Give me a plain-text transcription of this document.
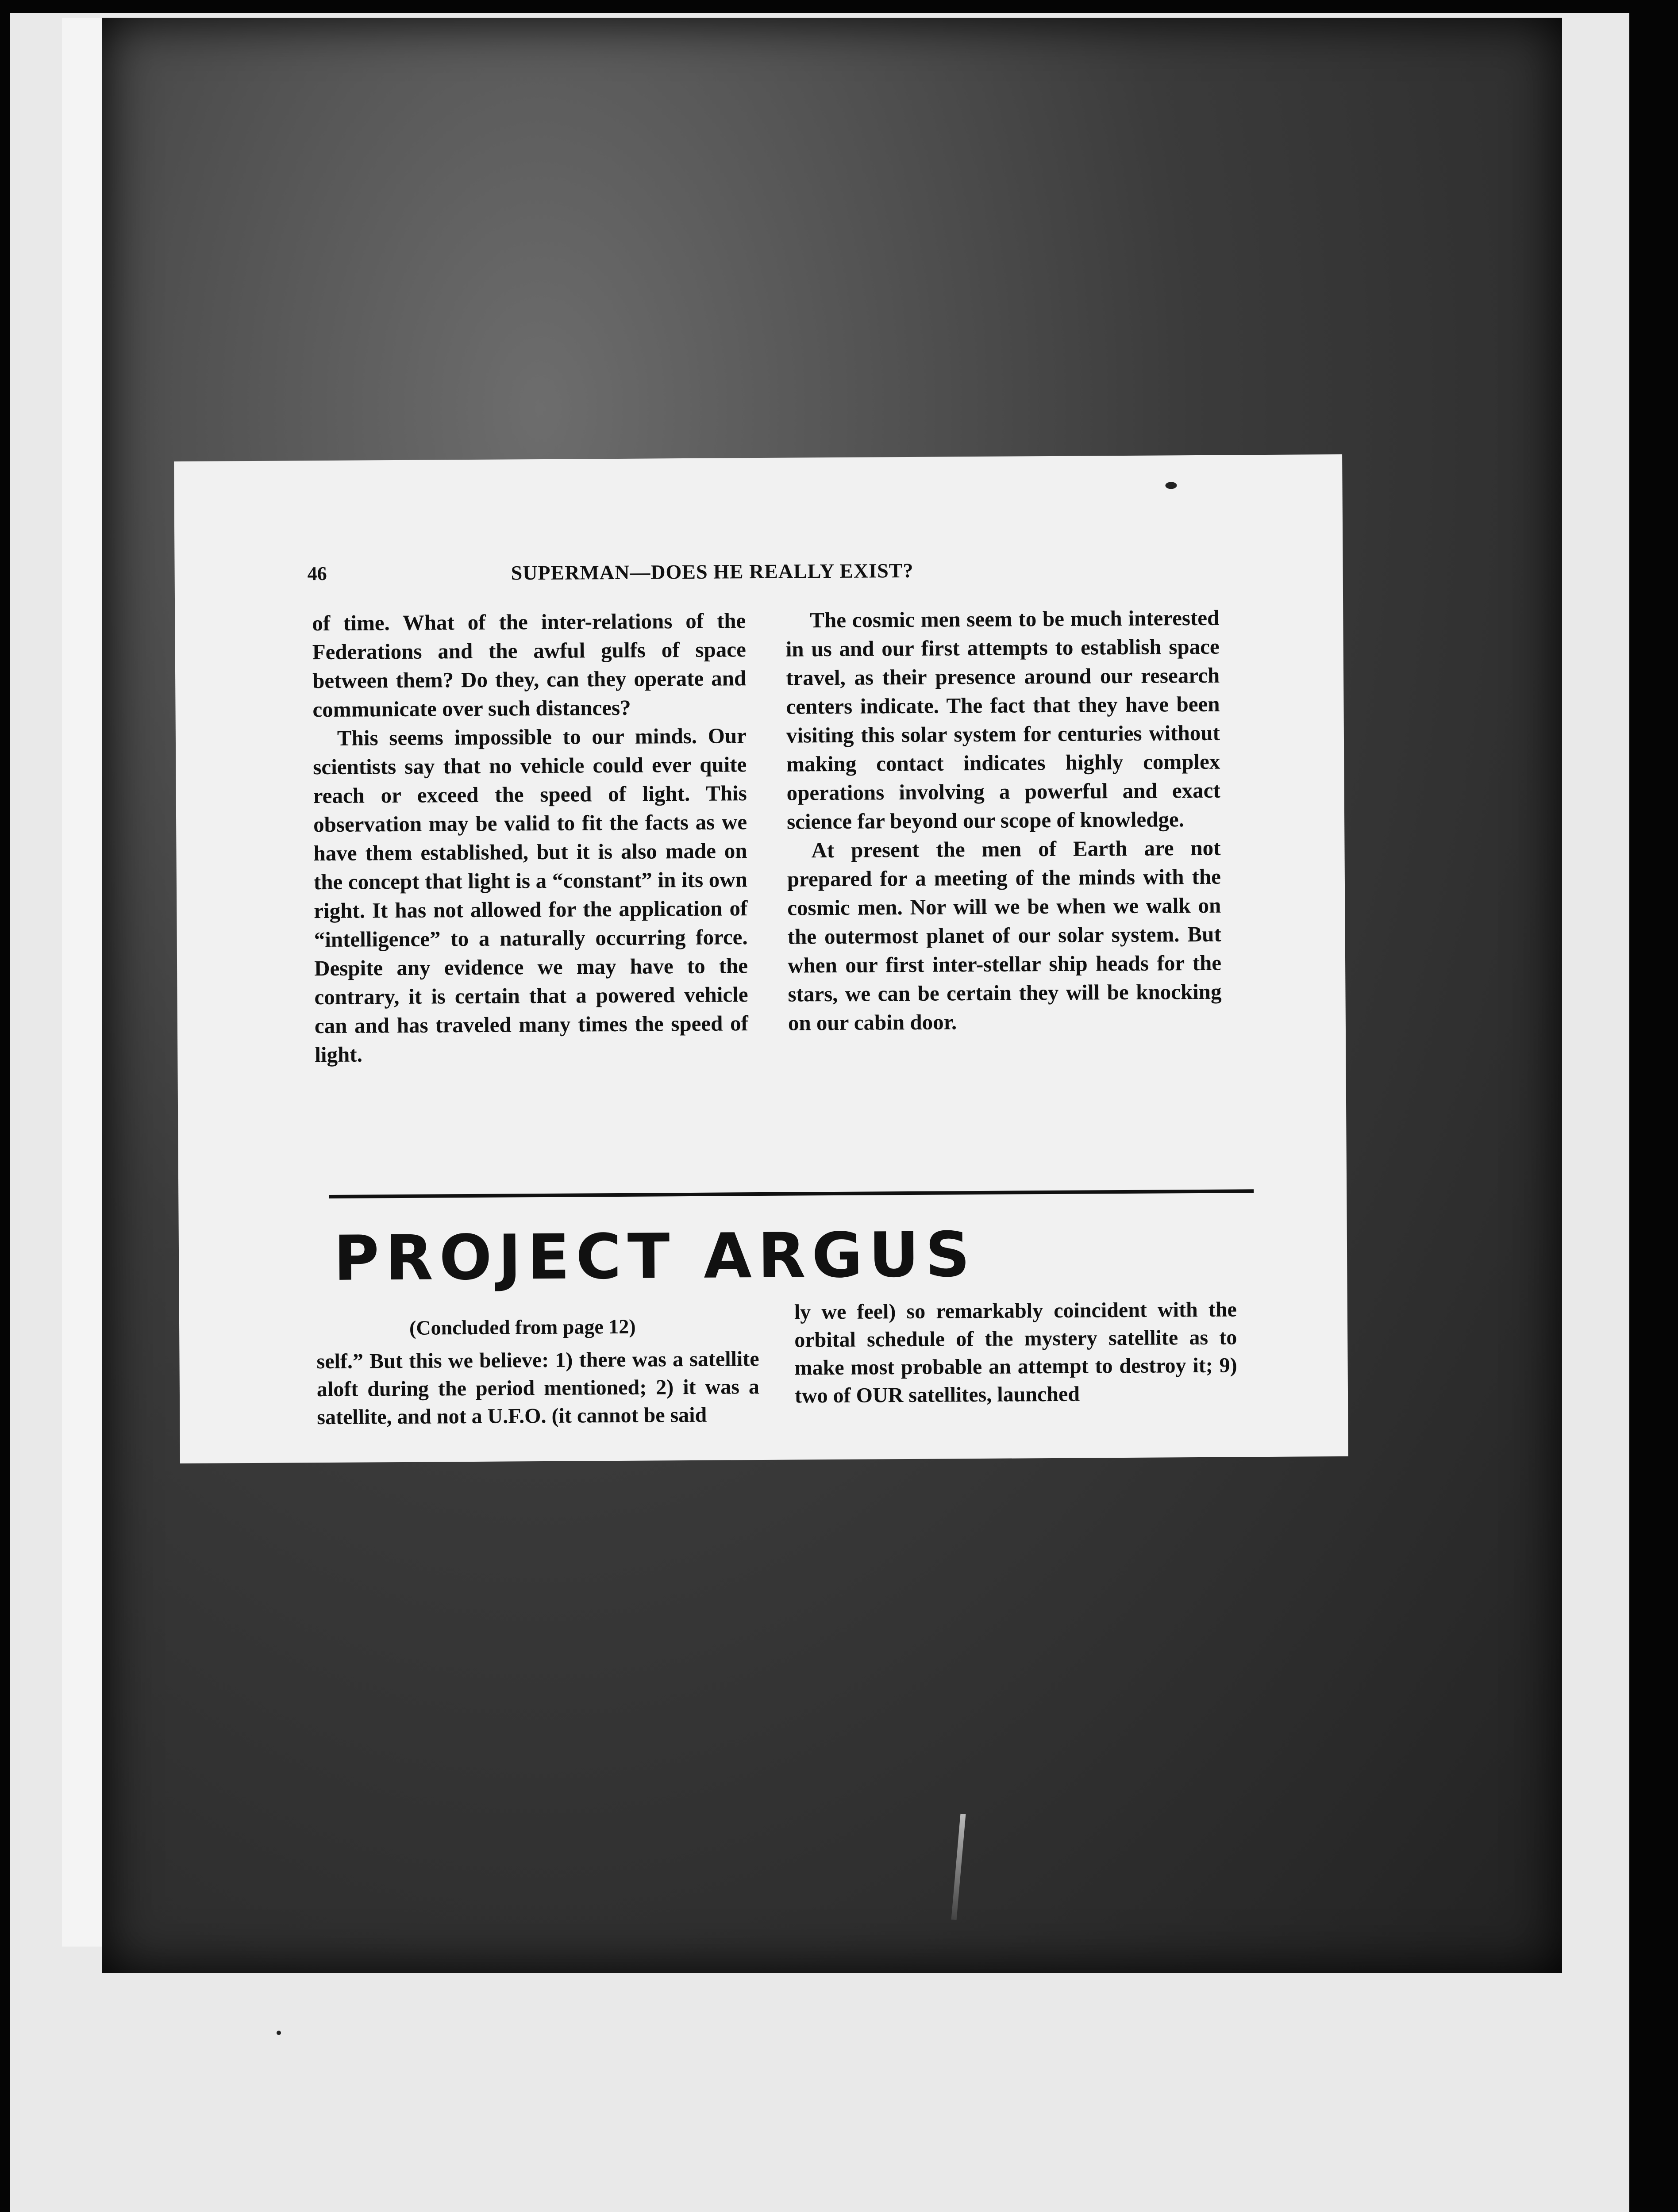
46	SUPERMAN—DOES HE REALLY EXIST?

of time. What of the inter-relations of the Federations and the awful gulfs of space between them? Do they, can they operate and communicate over such distances?

This seems impossible to our minds. Our scientists say that no vehicle could ever quite reach or exceed the speed of light. This observation may be valid to fit the facts as we have them established, but it is also made on the concept that light is a “constant” in its own right. It has not allowed for the application of “intelligence” to a naturally occurring force. Despite any evidence we may have to the contrary, it is certain that a powered vehicle can and has traveled many times the speed of light.

The cosmic men seem to be much interested in us and our first attempts to establish space travel, as their presence around our research centers indicate. The fact that they have been visiting this solar system for centuries without making contact indicates highly complex operations involving a powerful and exact science far beyond our scope of knowledge.

At present the men of Earth are not prepared for a meeting of the minds with the cosmic men. Nor will we be when we walk on the outermost planet of our solar system. But when our first inter-stellar ship heads for the stars, we can be certain they will be knocking on our cabin door.

PROJECT ARGUS
(Concluded from page 12)

self.” But this we believe: 1) there was a satellite aloft during the period mentioned; 2) it was a satellite, and not a U.F.O. (it cannot be said

ly we feel) so remarkably coincident with the orbital schedule of the mystery satellite as to make most probable an attempt to destroy it; 9) two of OUR satellites, launched
